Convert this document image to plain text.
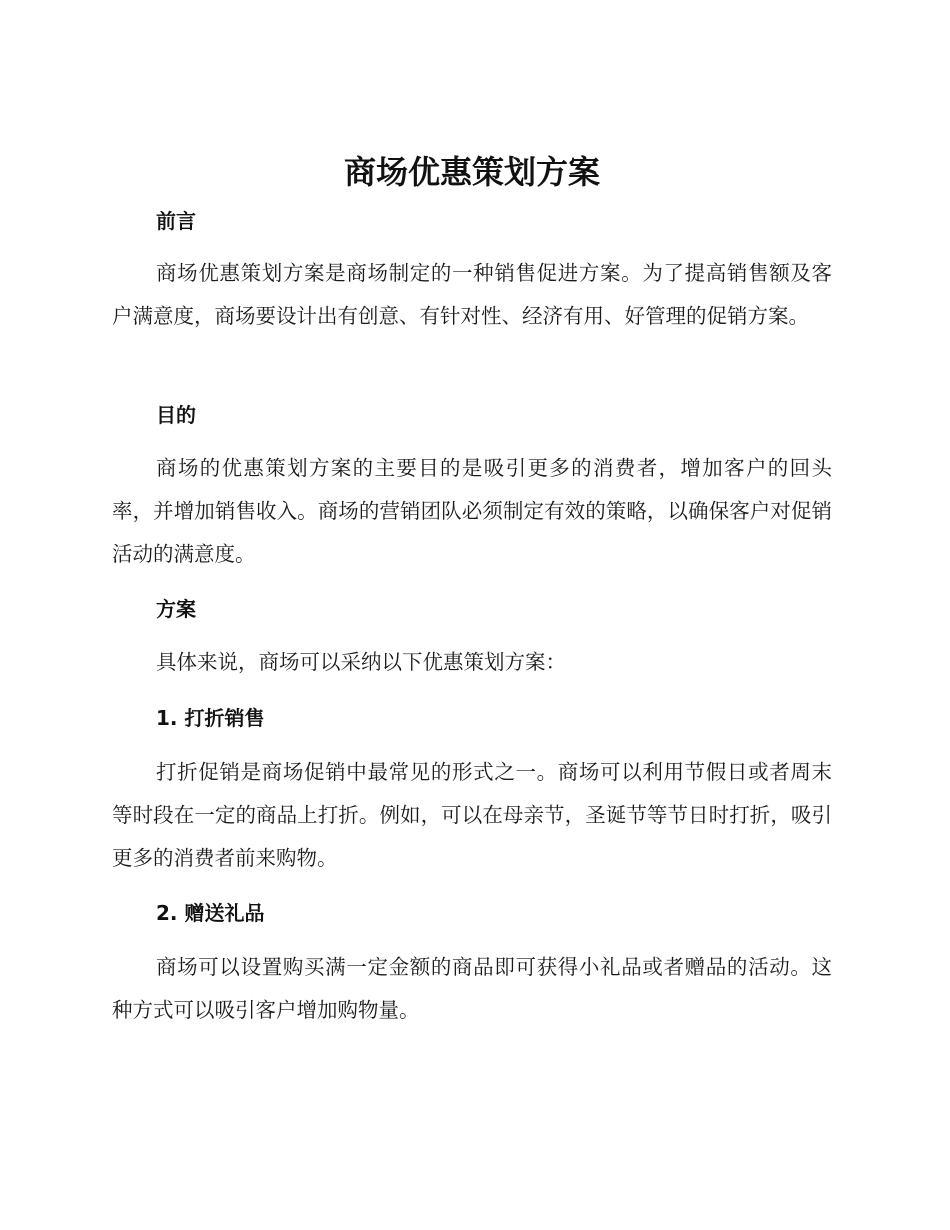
商场优惠策划方案
前言

商场优惠策划方案是商场制定的一种销售促进方案。为了提高销售额及客户满意度，商场要设计出有创意、有针对性、经济有用、好管理的促销方案。

目的

商场的优惠策划方案的主要目的是吸引更多的消费者，增加客户的回头率，并增加销售收入。商场的营销团队必须制定有效的策略，以确保客户对促销活动的满意度。

方案

具体来说，商场可以采纳以下优惠策划方案：

1. 打折销售

打折促销是商场促销中最常见的形式之一。商场可以利用节假日或者周末等时段在一定的商品上打折。例如，可以在母亲节，圣诞节等节日时打折，吸引更多的消费者前来购物。

2. 赠送礼品

商场可以设置购买满一定金额的商品即可获得小礼品或者赠品的活动。这种方式可以吸引客户增加购物量。
